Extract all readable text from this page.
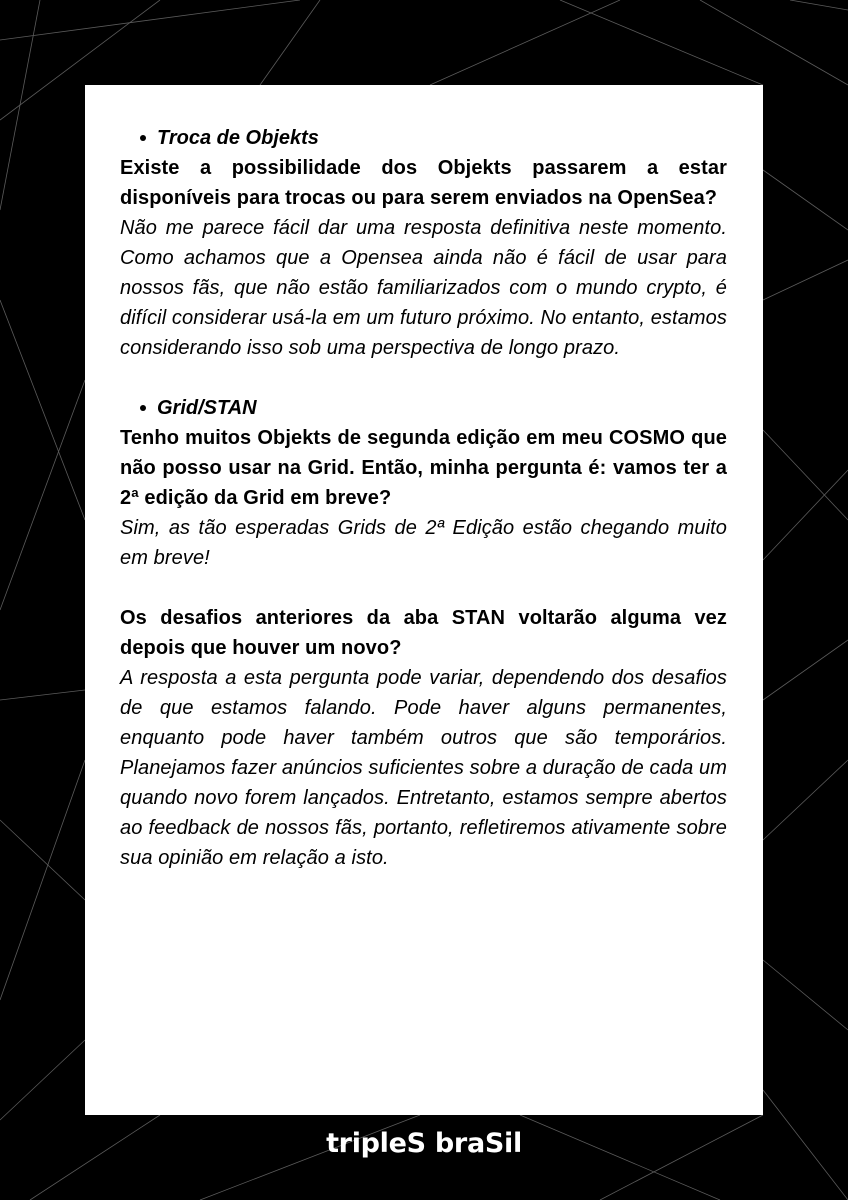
Troca de Objekts

Existe a possibilidade dos Objekts passarem a estar disponíveis para trocas ou para serem enviados na OpenSea?

Não me parece fácil dar uma resposta definitiva neste momento. Como achamos que a Opensea ainda não é fácil de usar para nossos fãs, que não estão familiarizados com o mundo crypto, é difícil considerar usá-la em um futuro próximo. No entanto, estamos considerando isso sob uma perspectiva de longo prazo.

Grid/STAN

Tenho muitos Objekts de segunda edição em meu COSMO que não posso usar na Grid. Então, minha pergunta é: vamos ter a 2ª edição da Grid em breve?

Sim, as tão esperadas Grids de 2ª Edição estão chegando muito em breve!

Os desafios anteriores da aba STAN voltarão alguma vez depois que houver um novo?

A resposta a esta pergunta pode variar, dependendo dos desafios de que estamos falando. Pode haver alguns permanentes, enquanto pode haver também outros que são temporários. Planejamos fazer anúncios suficientes sobre a duração de cada um quando novo forem lançados. Entretanto, estamos sempre abertos ao feedback de nossos fãs, portanto, refletiremos ativamente sobre sua opinião em relação a isto.

tripleS braSil
